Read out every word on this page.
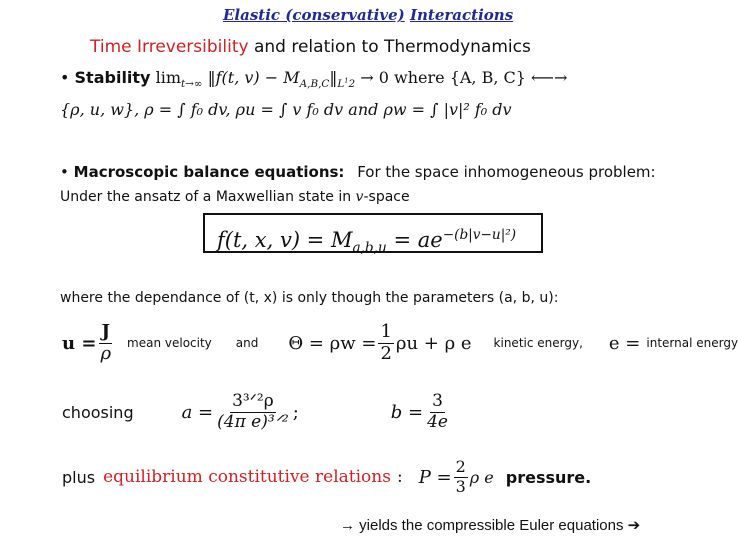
Elastic (conservative) Interactions
Time Irreversibility and relation to Thermodynamics
• Stability $\lim_{t\to\infty}$ ‖f(t, $v) - M_{A,B,C}‖_{L^12} \to 0$ where {A, B, C} ⟵→
{ρ, u, w}, ρ = ∫ f₀ dv, ρu = ∫ v f₀ dv and ρw = ∫ |v|² f₀ dv
• Macroscopic balance equations: For the space inhomogeneous problem:
Under the ansatz of a Maxwellian state in v-space
f(t, x, $v) = M_{a,b,u} = ae^{-(b|v-u|^2)}$
where the dependance of (t, x) is only though the parameters (a, b, u):
$u = \frac{J}{\rho}$ mean velocity and $\Theta = \rho w = \frac{1}{2}$ ρu + ρ e kinetic energy, e = internal energy
choosing	$a = \frac{\text{3³ᐟ²ρ}}{\text{(4π e)³ᐟ²}}$ ;	$b = \frac{3}{4e}$
plus equilibrium constitutive relations : $P = \frac{2}{3}$ ρ e pressure.
→ yields the compressible Euler equations ➔
